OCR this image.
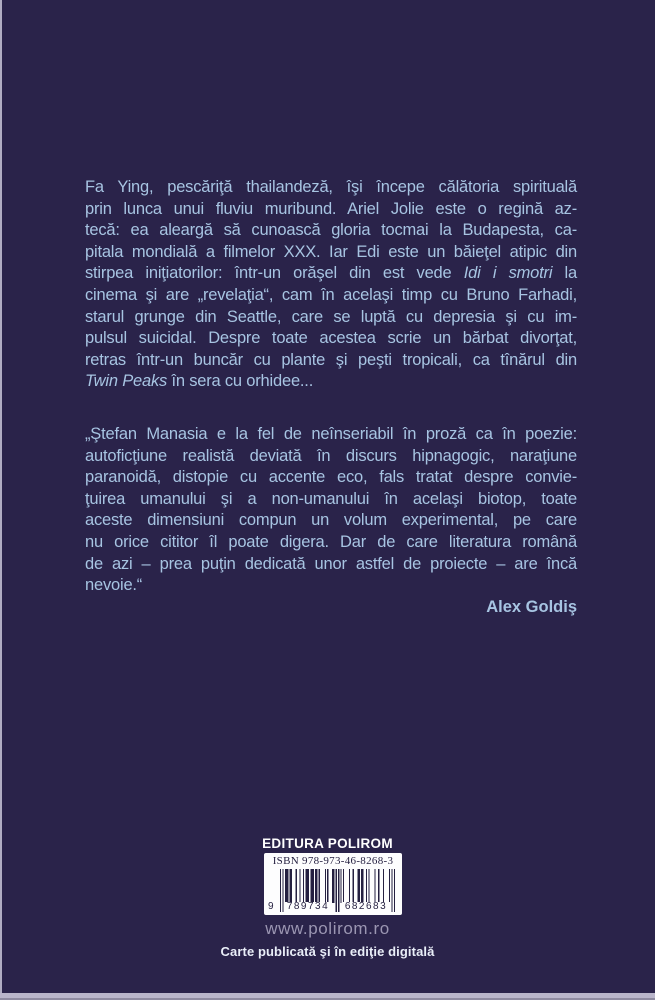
Fa Ying, pescăriţă thailandeză, îşi începe călătoria spirituală
prin lunca unui fluviu muribund. Ariel Jolie este o regină az-
tecă: ea aleargă să cunoască gloria tocmai la Budapesta, ca-
pitala mondială a filmelor XXX. Iar Edi este un băieţel atipic din
stirpea iniţiatorilor: într-un orăşel din est vede Idi i smotri la
cinema şi are „revelaţia“, cam în acelaşi timp cu Bruno Farhadi,
starul grunge din Seattle, care se luptă cu depresia şi cu im-
pulsul suicidal. Despre toate acestea scrie un bărbat divorţat,
retras într-un buncăr cu plante şi peşti tropicali, ca tînărul din
Twin Peaks în sera cu orhidee...
„Ştefan Manasia e la fel de neînseriabil în proză ca în poezie:
autoficţiune realistă deviată în discurs hipnagogic, naraţiune
paranoidă, distopie cu accente eco, fals tratat despre convie-
ţuirea umanului şi a non-umanului în acelaşi biotop, toate
aceste dimensiuni compun un volum experimental, pe care
nu orice cititor îl poate digera. Dar de care literatura română
de azi – prea puţin dedicată unor astfel de proiecte – are încă
nevoie.“
Alex Goldiş
EDITURA POLIROM
ISBN 978-973-46-8268-3
9 789734 682683
www.polirom.ro
Carte publicată şi în ediţie digitală
